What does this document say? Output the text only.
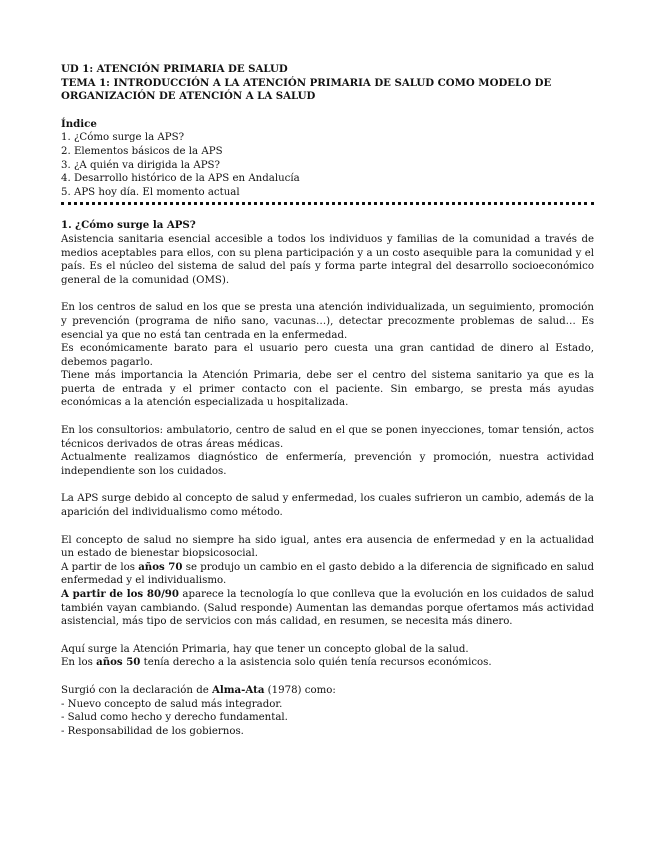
UD 1: ATENCIÓN PRIMARIA DE SALUD
TEMA 1: INTRODUCCIÓN A LA ATENCIÓN PRIMARIA DE SALUD COMO MODELO DE ORGANIZACIÓN DE ATENCIÓN A LA SALUD
Índice
1. ¿Cómo surge la APS?
2. Elementos básicos de la APS
3. ¿A quién va dirigida la APS?
4. Desarrollo histórico de la APS en Andalucía
5. APS hoy día. El momento actual
1. ¿Cómo surge la APS?

Asistencia sanitaria esencial accesible a todos los individuos y familias de la comunidad a través de medios aceptables para ellos, con su plena participación y a un costo asequible para la comunidad y el país. Es el núcleo del sistema de salud del país y forma parte integral del desarrollo socioeconómico general de la comunidad (OMS).

En los centros de salud en los que se presta una atención individualizada, un seguimiento, promoción y prevención (programa de niño sano, vacunas…), detectar precozmente problemas de salud… Es esencial ya que no está tan centrada en la enfermedad.

Es económicamente barato para el usuario pero cuesta una gran cantidad de dinero al Estado, debemos pagarlo.

Tiene más importancia la Atención Primaria, debe ser el centro del sistema sanitario ya que es la puerta de entrada y el primer contacto con el paciente. Sin embargo, se presta más ayudas económicas a la atención especializada u hospitalizada.

En los consultorios: ambulatorio, centro de salud en el que se ponen inyecciones, tomar tensión, actos técnicos derivados de otras áreas médicas.

Actualmente realizamos diagnóstico de enfermería, prevención y promoción, nuestra actividad independiente son los cuidados.

La APS surge debido al concepto de salud y enfermedad, los cuales sufrieron un cambio, además de la aparición del individualismo como método.

El concepto de salud no siempre ha sido igual, antes era ausencia de enfermedad y en la actualidad un estado de bienestar biopsicosocial.

A partir de los años 70 se produjo un cambio en el gasto debido a la diferencia de significado en salud enfermedad y el individualismo.

A partir de los 80/90 aparece la tecnología lo que conlleva que la evolución en los cuidados de salud también vayan cambiando. (Salud responde) Aumentan las demandas porque ofertamos más actividad asistencial, más tipo de servicios con más calidad, en resumen, se necesita más dinero.

Aquí surge la Atención Primaria, hay que tener un concepto global de la salud.

En los años 50 tenía derecho a la asistencia solo quién tenía recursos económicos.

Surgió con la declaración de Alma-Ata (1978) como:

- Nuevo concepto de salud más integrador.
- Salud como hecho y derecho fundamental.
- Responsabilidad de los gobiernos.
